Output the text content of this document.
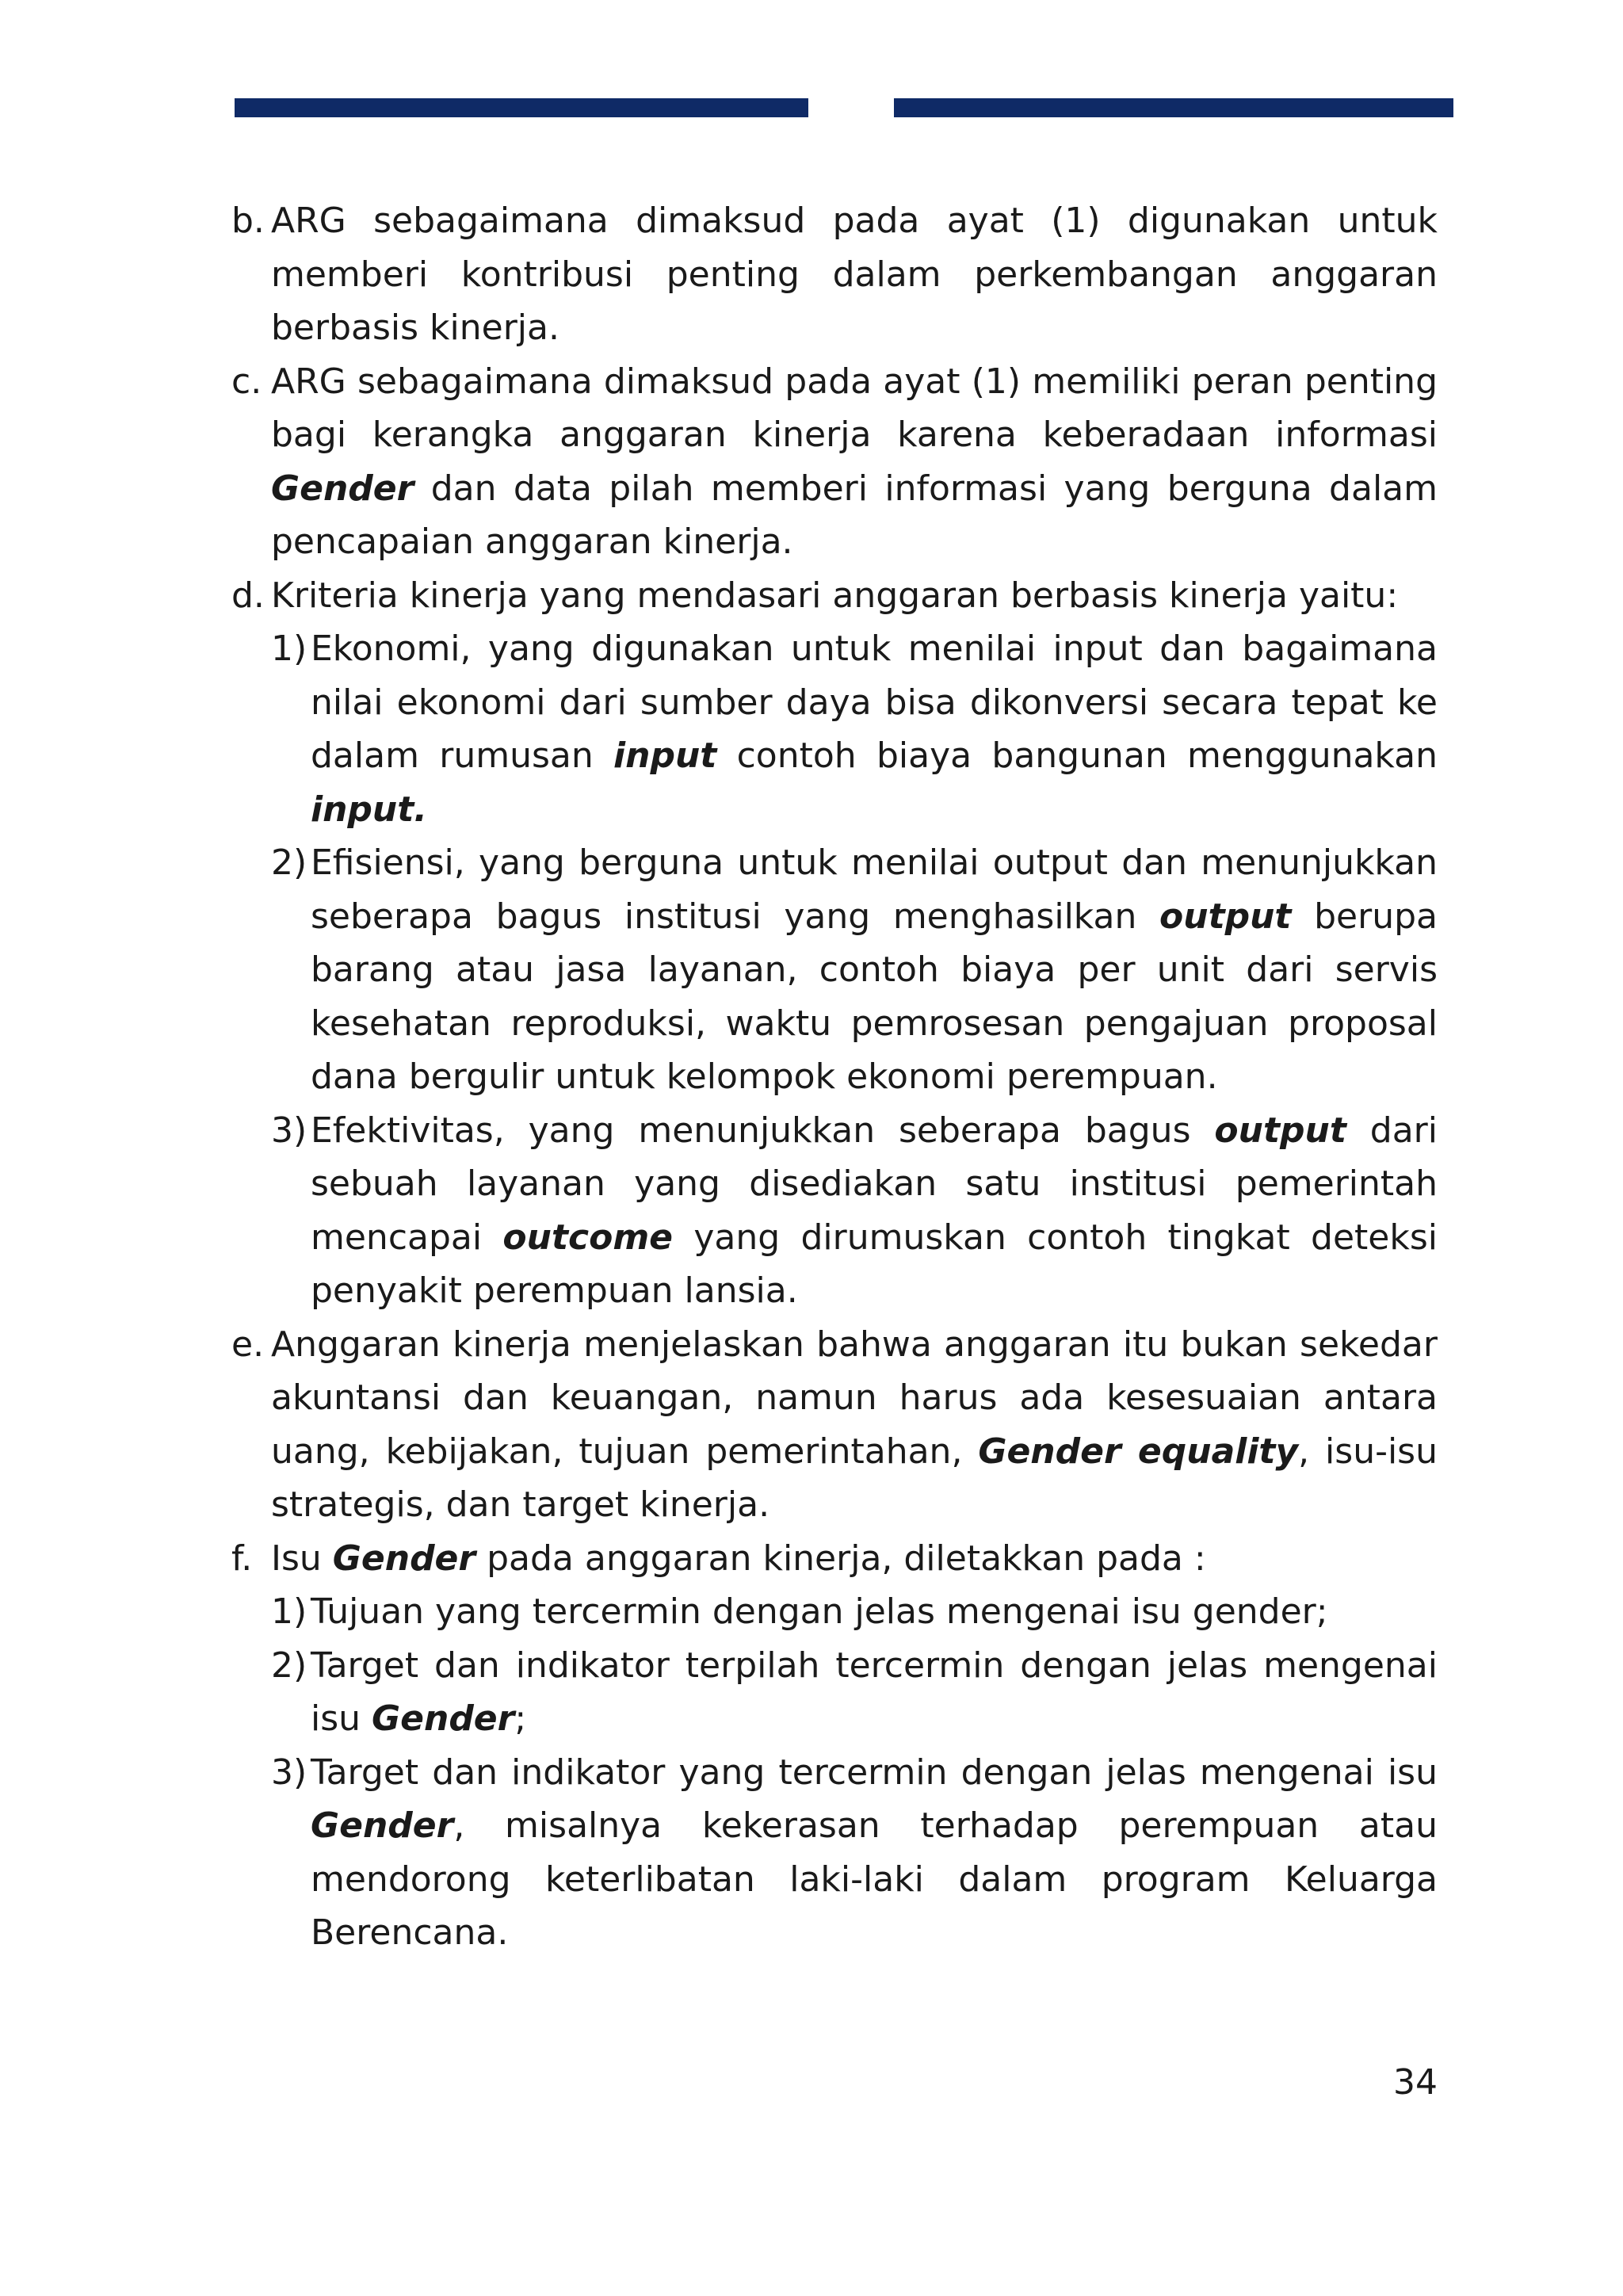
b. ARG sebagaimana dimaksud pada ayat (1) digunakan untuk memberi kontribusi penting dalam perkembangan anggaran berbasis kinerja.
c. ARG sebagaimana dimaksud pada ayat (1) memiliki peran penting bagi kerangka anggaran kinerja karena keberadaan informasi Gender dan data pilah memberi informasi yang berguna dalam pencapaian anggaran kinerja.
d. Kriteria kinerja yang mendasari anggaran berbasis kinerja yaitu:
1) Ekonomi, yang digunakan untuk menilai input dan bagaimana nilai ekonomi dari sumber daya bisa dikonversi secara tepat ke dalam rumusan input contoh biaya bangunan menggunakan input.
2) Efisiensi, yang berguna untuk menilai output dan menunjukkan seberapa bagus institusi yang menghasilkan output berupa barang atau jasa layanan, contoh biaya per unit dari servis kesehatan reproduksi, waktu pemrosesan pengajuan proposal dana bergulir untuk kelompok ekonomi perempuan.
3) Efektivitas, yang menunjukkan seberapa bagus output dari sebuah layanan yang disediakan satu institusi pemerintah mencapai outcome yang dirumuskan contoh tingkat deteksi penyakit perempuan lansia.
e. Anggaran kinerja menjelaskan bahwa anggaran itu bukan sekedar akuntansi dan keuangan, namun harus ada kesesuaian antara uang, kebijakan, tujuan pemerintahan, Gender equality, isu-isu strategis, dan target kinerja.
f. Isu Gender pada anggaran kinerja, diletakkan pada :
1) Tujuan yang tercermin dengan jelas mengenai isu gender;
2) Target dan indikator terpilah tercermin dengan jelas mengenai isu Gender;
3) Target dan indikator yang tercermin dengan jelas mengenai isu Gender, misalnya kekerasan terhadap perempuan atau mendorong keterlibatan laki-laki dalam program Keluarga Berencana.
34
